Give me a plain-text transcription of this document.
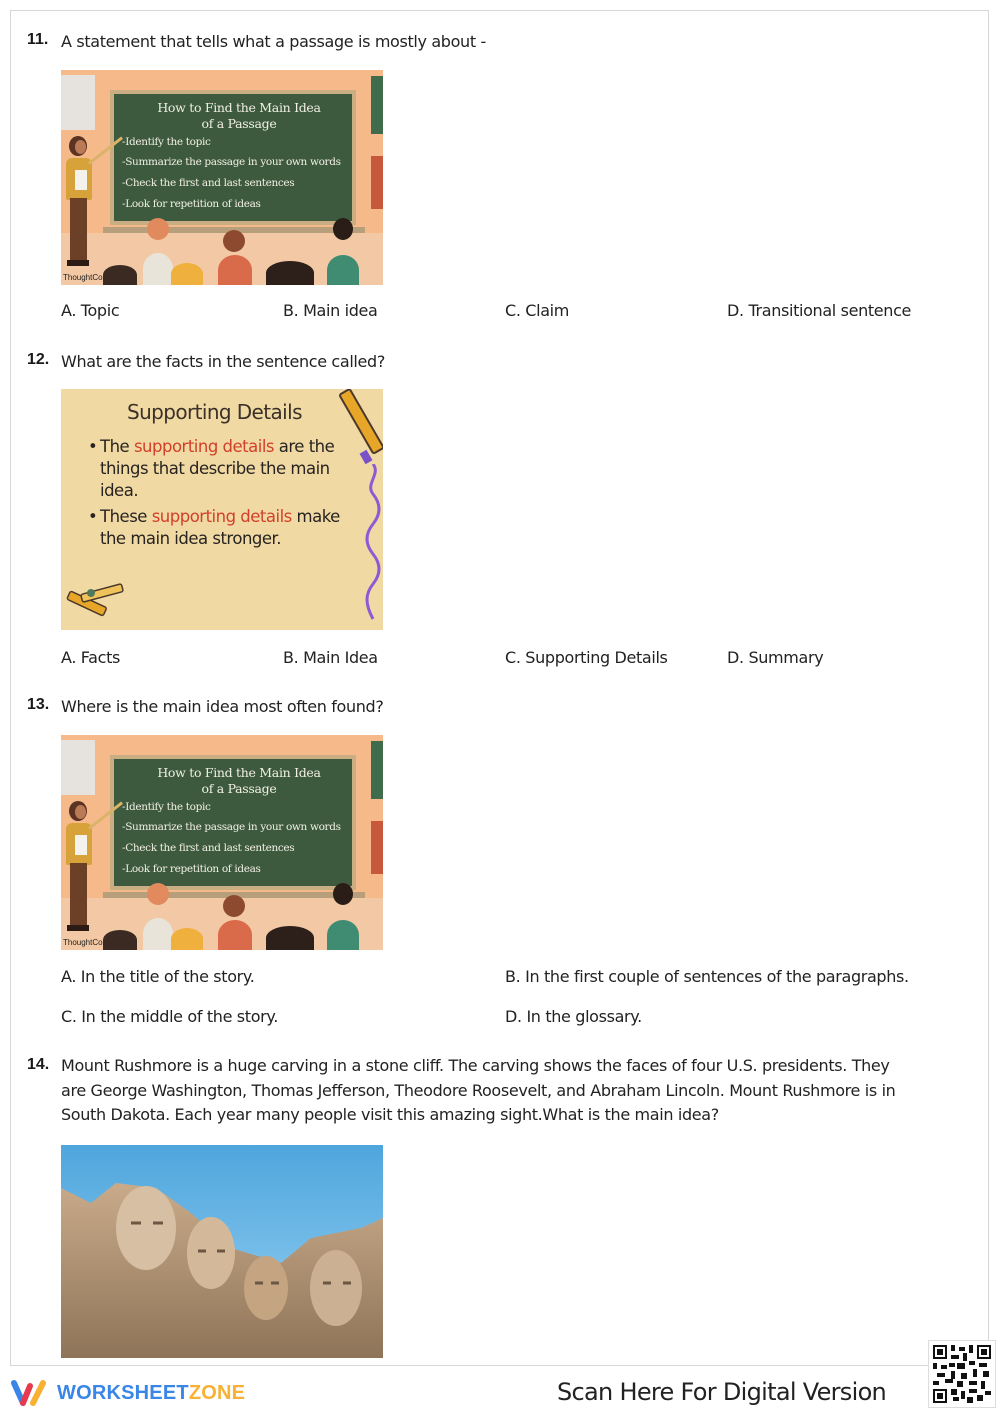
11. A statement that tells what a passage is mostly about -
How to Find the Main Idea
of a Passage
-Identify the topic
-Summarize the passage in your own words
-Check the first and last sentences
-Look for repetition of ideas
ThoughtCo.
A. Topic	B. Main idea	C. Claim	D. Transitional sentence
12. What are the facts in the sentence called?
Supporting Details
• The supporting details are the things that describe the main idea.
• These supporting details make the main idea stronger.
A. Facts	B. Main Idea	C. Supporting Details	D. Summary
13. Where is the main idea most often found?
How to Find the Main Idea
of a Passage
-Identify the topic
-Summarize the passage in your own words
-Check the first and last sentences
-Look for repetition of ideas
ThoughtCo.
A. In the title of the story.	B. In the first couple of sentences of the paragraphs.
C. In the middle of the story.	D. In the glossary.
14. Mount Rushmore is a huge carving in a stone cliff. The carving shows the faces of four U.S. presidents. They
are George Washington, Thomas Jefferson, Theodore Roosevelt, and Abraham Lincoln. Mount Rushmore is in
South Dakota. Each year many people visit this amazing sight.What is the main idea?
WORKSHEETZONE	Scan Here For Digital Version
